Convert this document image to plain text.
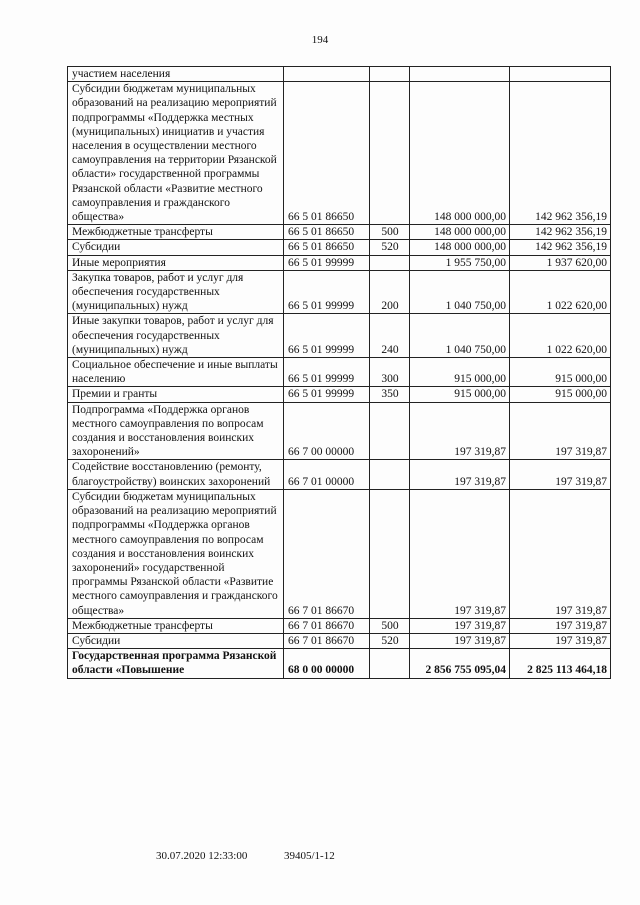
194
участием населения				
Субсидии бюджетам муниципальных образований на реализацию мероприятий подпрограммы «Поддержка местных (муниципальных) инициатив и участия населения в осуществлении местного самоуправления на территории Рязанской области» государственной программы Рязанской области «Развитие местного самоуправления и гражданского общества»	66 5 01 86650		148 000 000,00	142 962 356,19
Межбюджетные трансферты	66 5 01 86650	500	148 000 000,00	142 962 356,19
Субсидии	66 5 01 86650	520	148 000 000,00	142 962 356,19
Иные мероприятия	66 5 01 99999		1 955 750,00	1 937 620,00
Закупка товаров, работ и услуг для обеспечения государственных (муниципальных) нужд	66 5 01 99999	200	1 040 750,00	1 022 620,00
Иные закупки товаров, работ и услуг для обеспечения государственных (муниципальных) нужд	66 5 01 99999	240	1 040 750,00	1 022 620,00
Социальное обеспечение и иные выплаты населению	66 5 01 99999	300	915 000,00	915 000,00
Премии и гранты	66 5 01 99999	350	915 000,00	915 000,00
Подпрограмма «Поддержка органов местного самоуправления по вопросам создания и восстановления воинских захоронений»	66 7 00 00000		197 319,87	197 319,87
Содействие восстановлению (ремонту, благоустройству) воинских захоронений	66 7 01 00000		197 319,87	197 319,87
Субсидии бюджетам муниципальных образований на реализацию мероприятий подпрограммы «Поддержка органов местного самоуправления по вопросам создания и восстановления воинских захоронений» государственной программы Рязанской области «Развитие местного самоуправления и гражданского общества»	66 7 01 86670		197 319,87	197 319,87
Межбюджетные трансферты	66 7 01 86670	500	197 319,87	197 319,87
Субсидии	66 7 01 86670	520	197 319,87	197 319,87
Государственная программа Рязанской области «Повышение	68 0 00 00000		2 856 755 095,04	2 825 113 464,18
30.07.2020 12:33:00	39405/1-12
